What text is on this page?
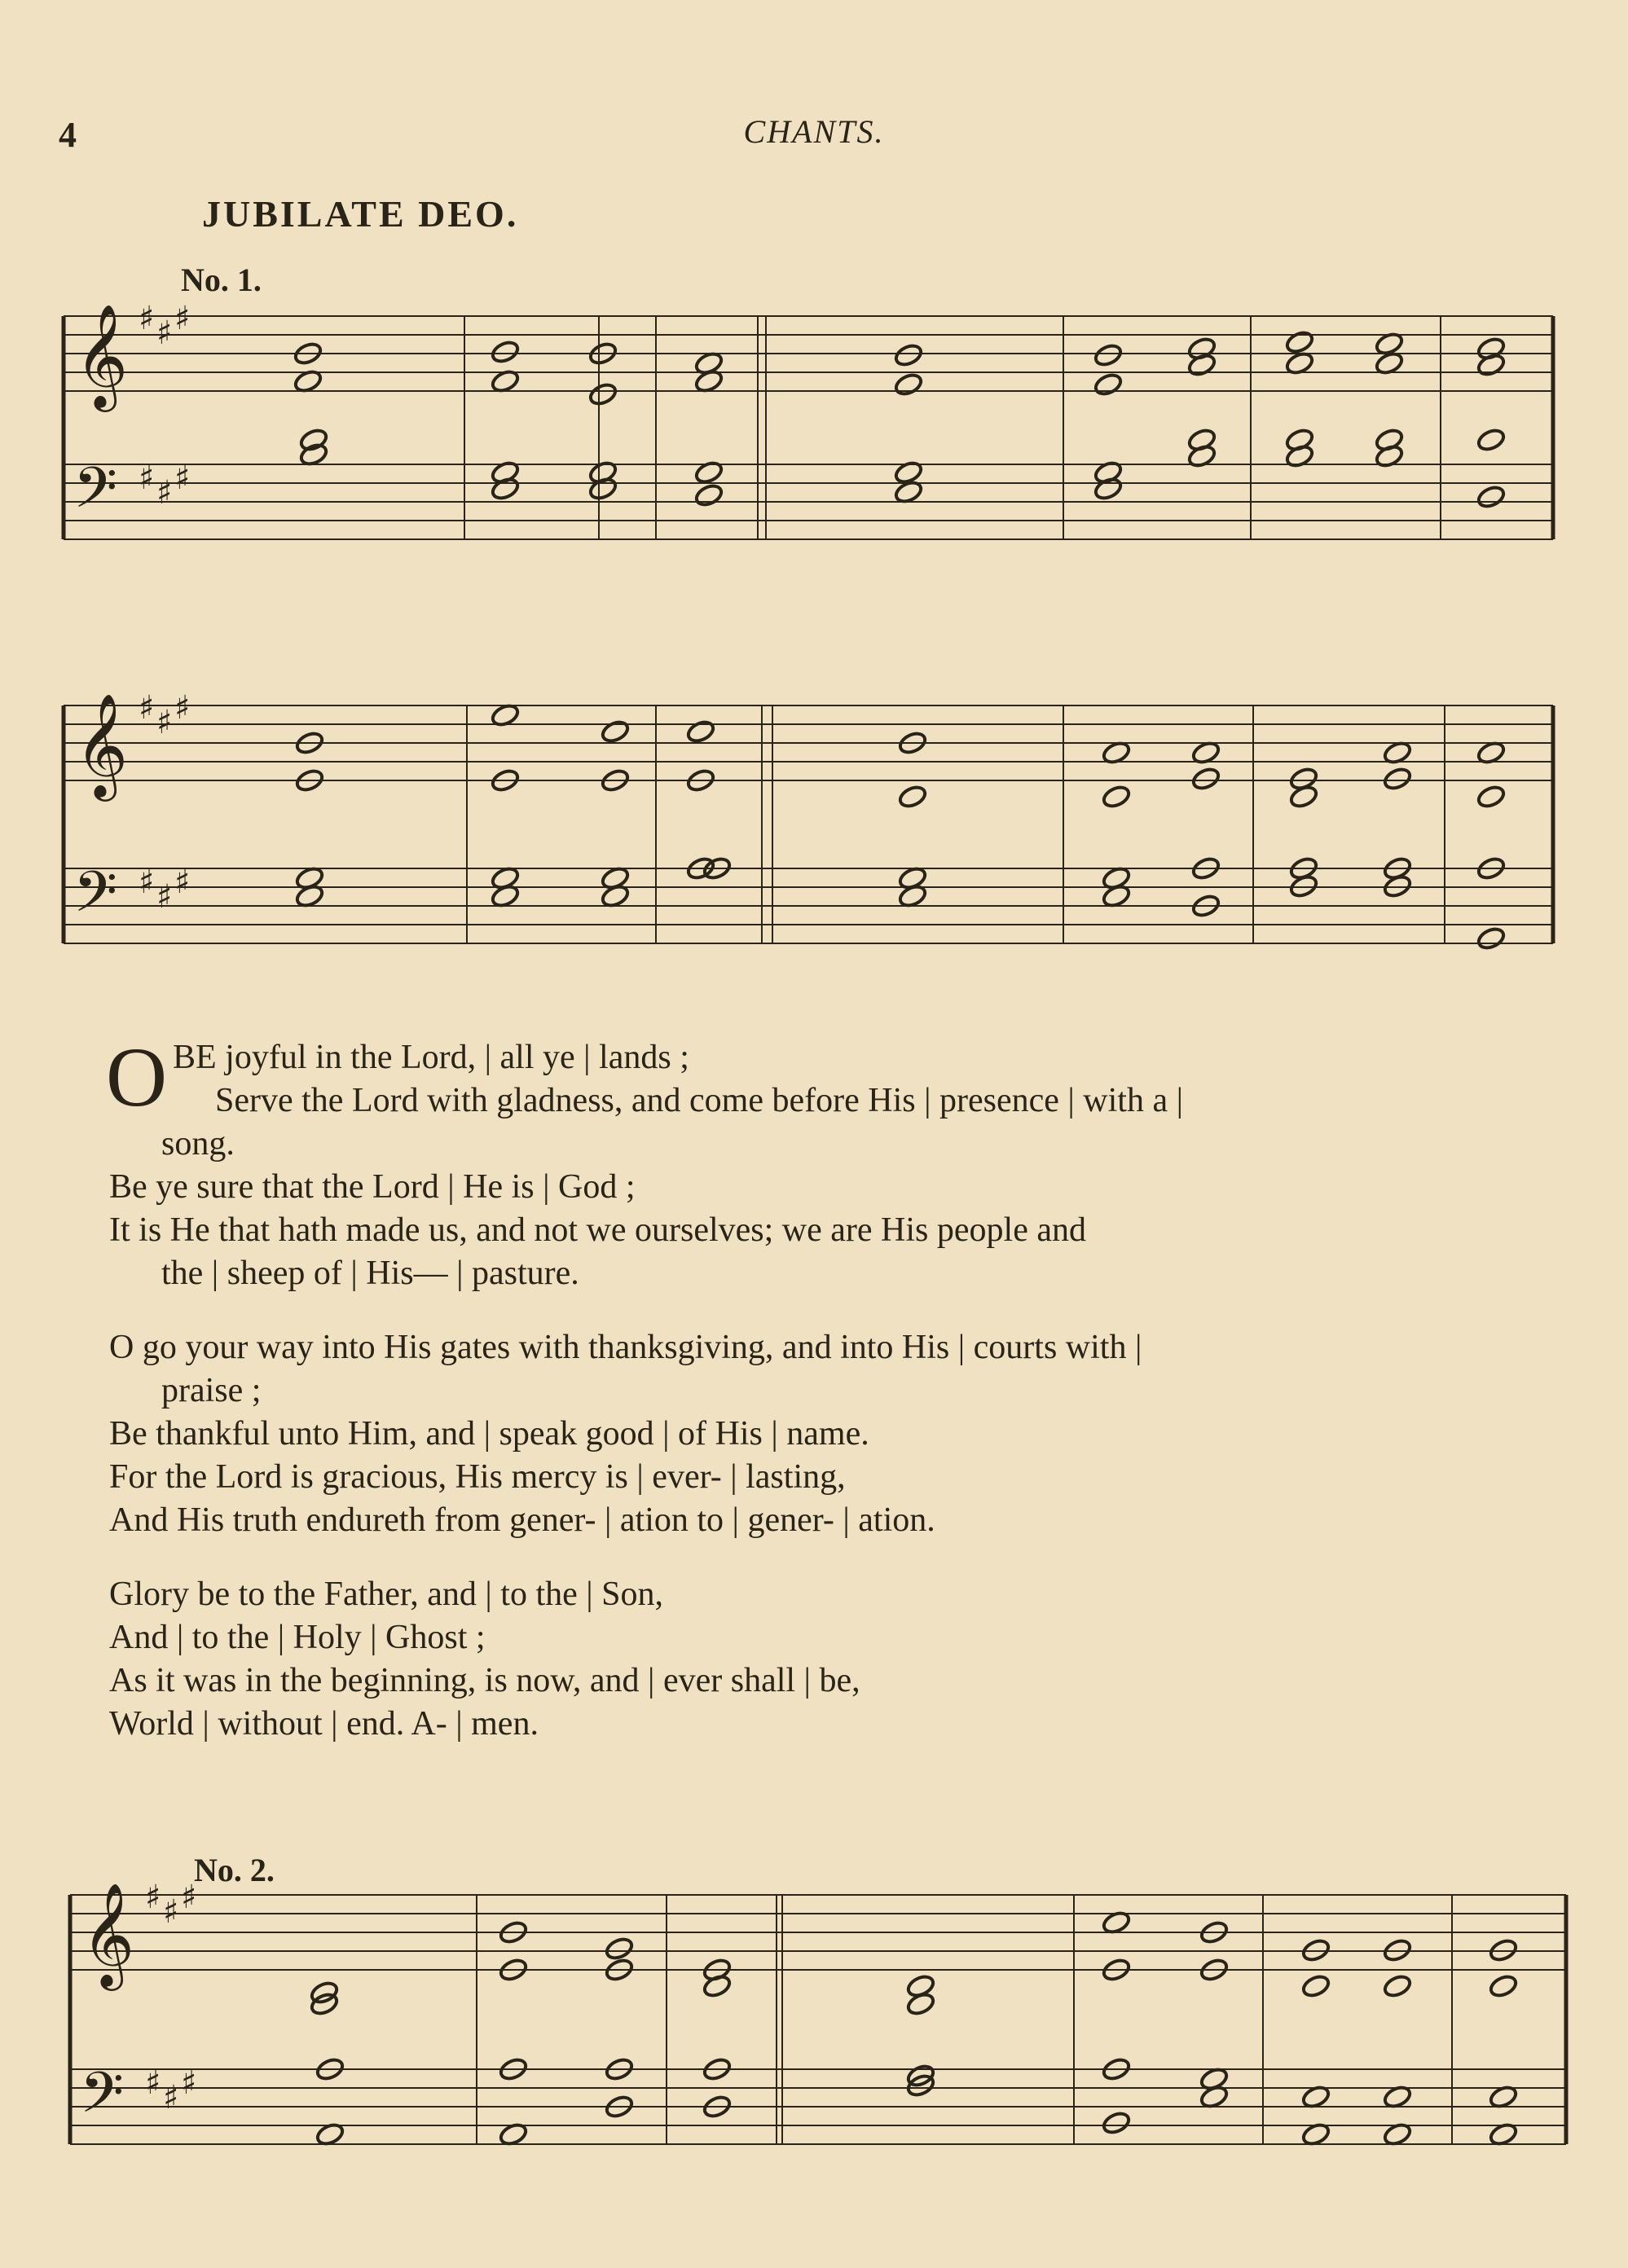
4	CHANTS.
JUBILATE DEO.
No. 1.
No. 2.
𝄞
𝄢
♯
♯
♯
♯
♯
♯
𝄞
𝄢
♯
♯
♯
♯
♯
♯
𝄞
𝄢
♯
♯
♯
♯
♯
♯
O BE joyful in the Lord, | all ye | lands ;
Serve the Lord with gladness, and come before His | presence | with a |
song.
Be ye sure that the Lord | He is | God ;
It is He that hath made us, and not we ourselves; we are His people and
the | sheep of | His— | pasture.
O go your way into His gates with thanksgiving, and into His | courts with |
praise ;
Be thankful unto Him, and | speak good | of His | name.
For the Lord is gracious, His mercy is | ever- | lasting,
And His truth endureth from gener- | ation to | gener- | ation.
Glory be to the Father, and | to the | Son,
And | to the | Holy | Ghost ;
As it was in the beginning, is now, and | ever shall | be,
World | without | end. A- | men.
